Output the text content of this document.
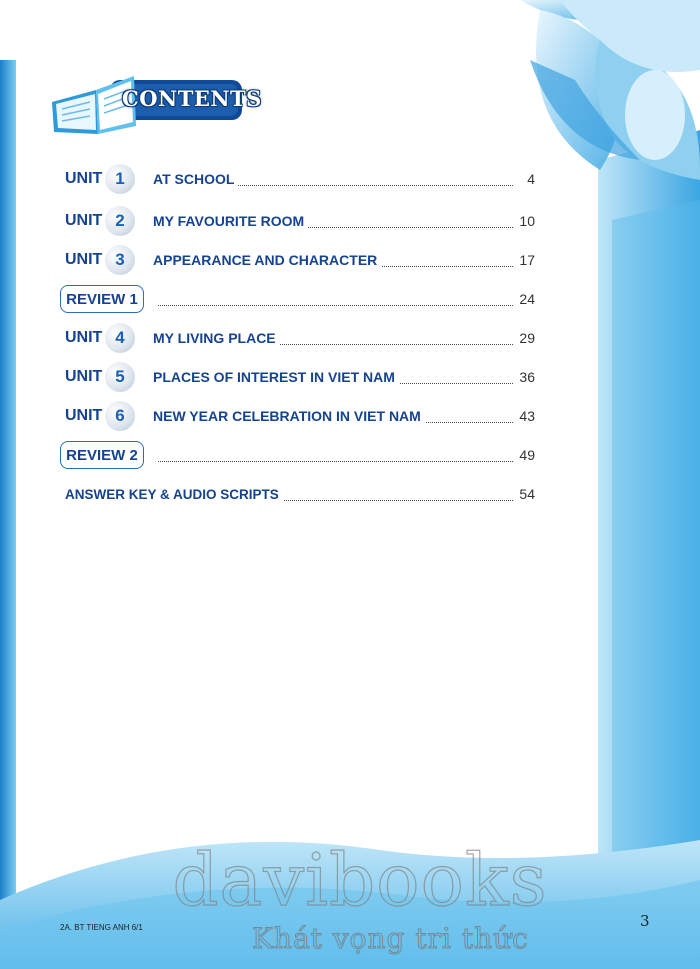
CONTENTS
UNIT 1	AT SCHOOL	4
UNIT 2	MY FAVOURITE ROOM	10
UNIT 3	APPEARANCE AND CHARACTER	17
REVIEW 1	24
UNIT 4	MY LIVING PLACE	29
UNIT 5	PLACES OF INTEREST IN VIET NAM	36
UNIT 6	NEW YEAR CELEBRATION IN VIET NAM	43
REVIEW 2	49
ANSWER KEY & AUDIO SCRIPTS	54
davibooks
Khát vọng tri thức
2A. BT TIENG ANH 6/1	3
